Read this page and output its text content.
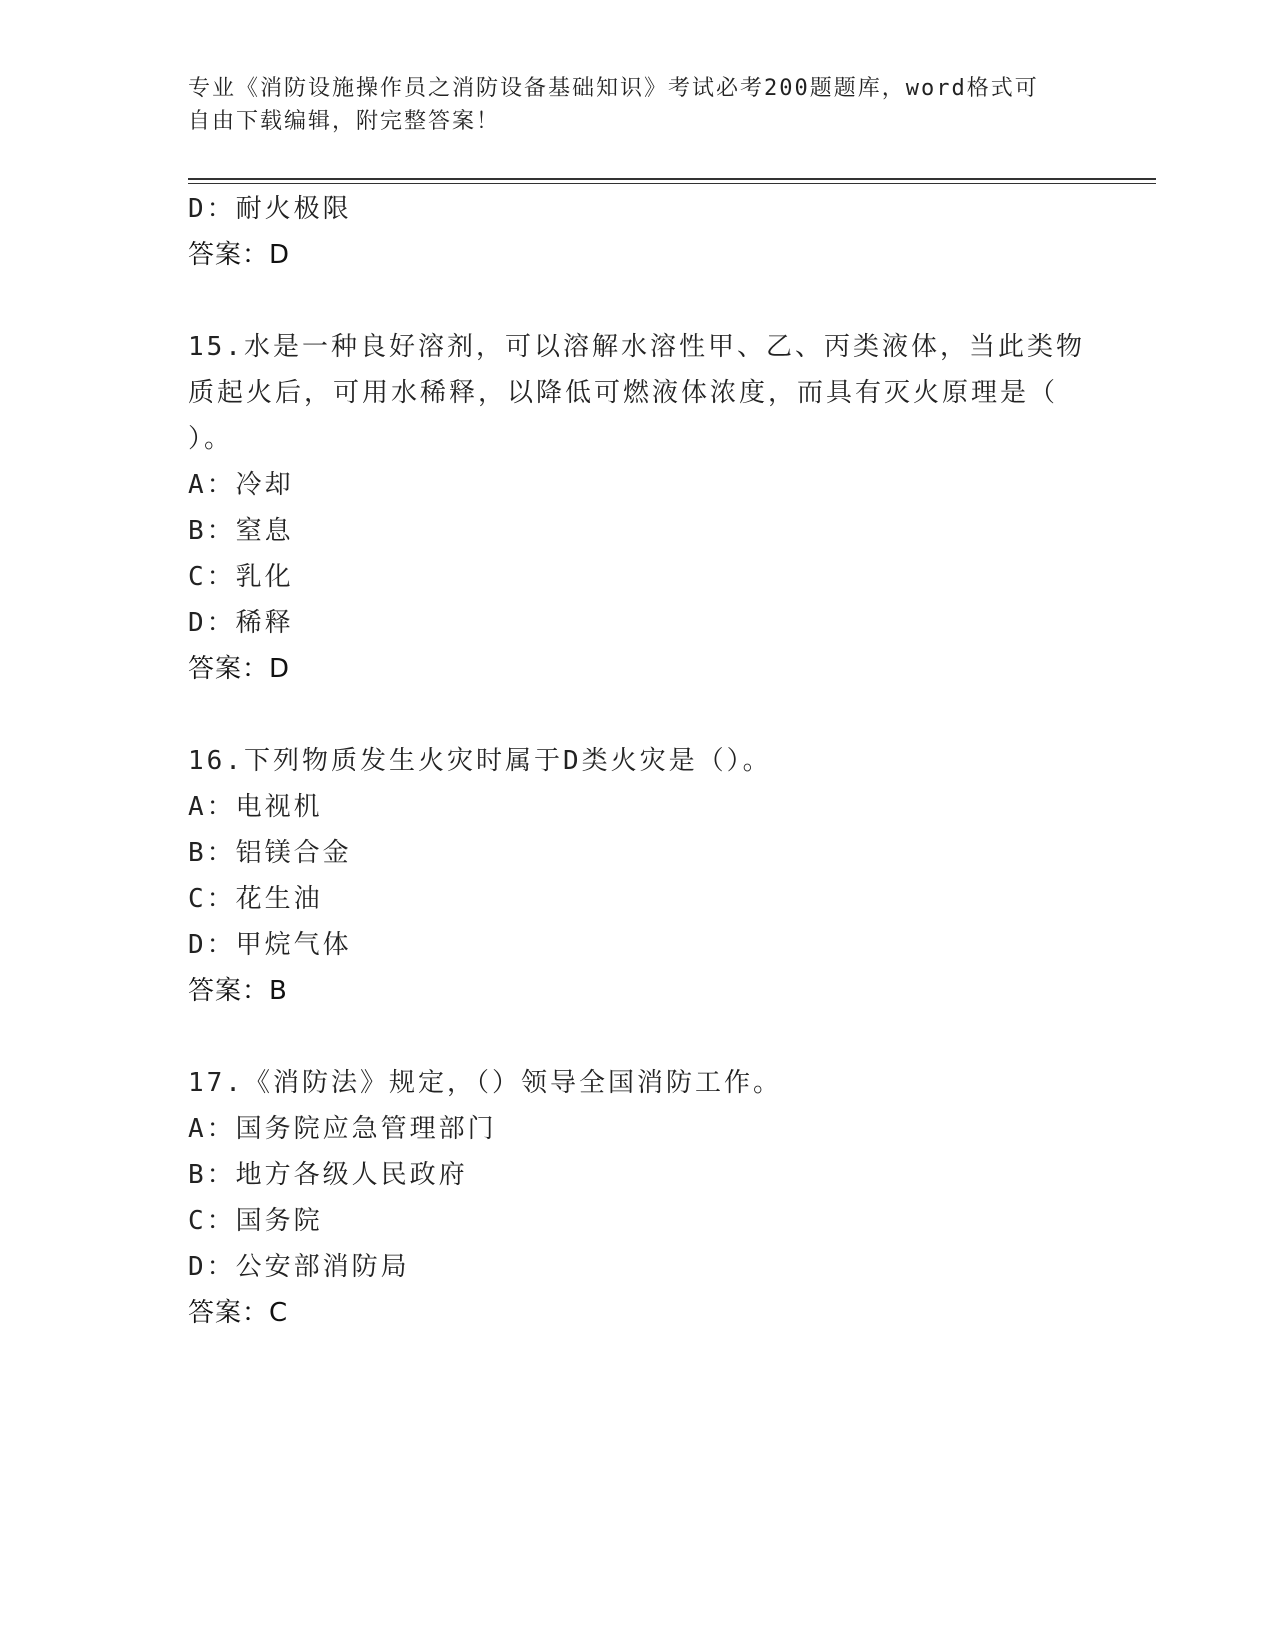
专业《消防设施操作员之消防设备基础知识》考试必考200题题库，word格式可
自由下载编辑，附完整答案！

D：耐火极限

答案：D

15.水是一种良好溶剂，可以溶解水溶性甲、乙、丙类液体，当此类物

质起火后，可用水稀释，以降低可燃液体浓度，而具有灭火原理是（

）。

A：冷却

B：窒息

C：乳化

D：稀释

答案：D

16.下列物质发生火灾时属于D类火灾是（）。

A：电视机

B：铝镁合金

C：花生油

D：甲烷气体

答案：B

17.《消防法》规定，（）领导全国消防工作。

A：国务院应急管理部门

B：地方各级人民政府

C：国务院

D：公安部消防局

答案：C
